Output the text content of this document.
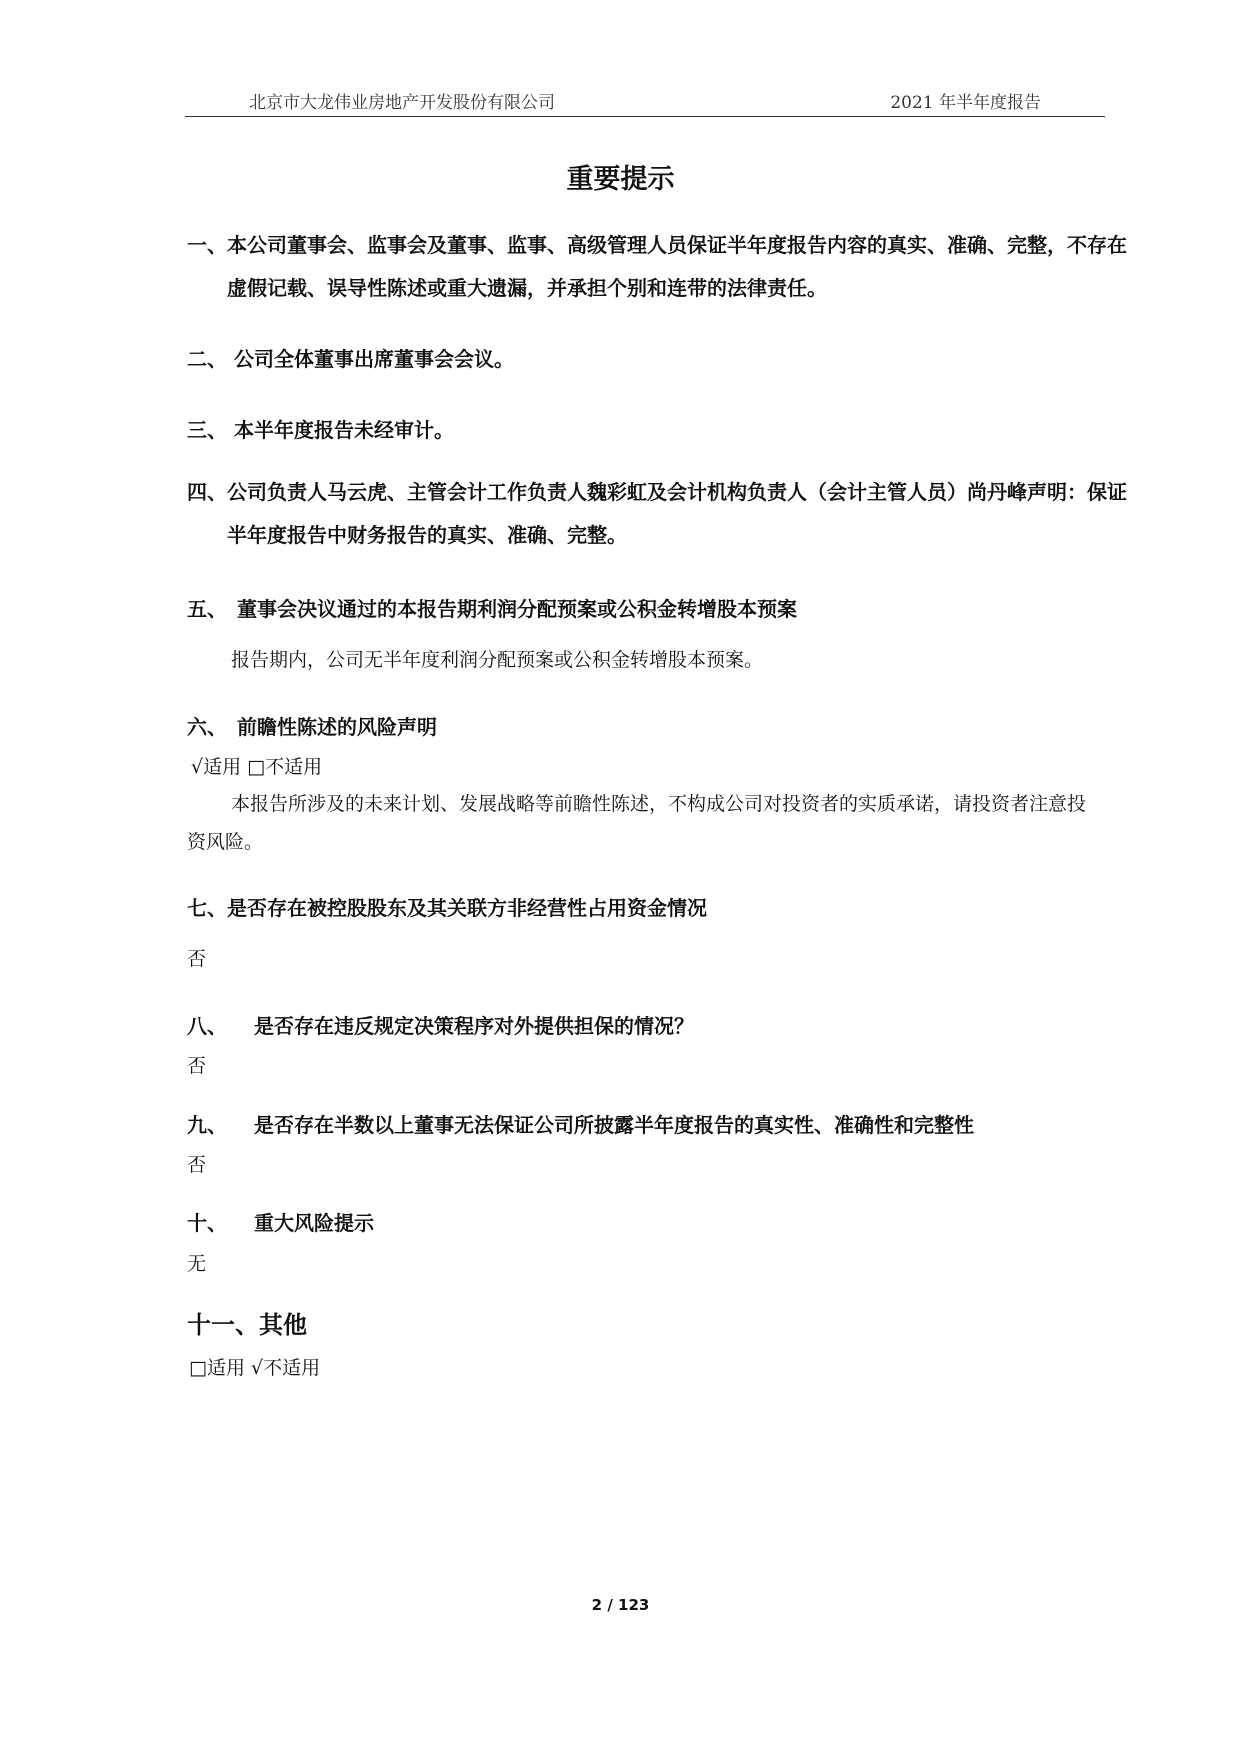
北京市大龙伟业房地产开发股份有限公司	2021 年半年度报告
重要提示
一、本公司董事会、监事会及董事、监事、高级管理人员保证半年度报告内容的真实、准确、完整，不存在虚假记载、误导性陈述或重大遗漏，并承担个别和连带的法律责任。
二、 公司全体董事出席董事会会议。
三、 本半年度报告未经审计。
四、公司负责人马云虎、主管会计工作负责人魏彩虹及会计机构负责人（会计主管人员）尚丹峰声明：保证半年度报告中财务报告的真实、准确、完整。
五、 董事会决议通过的本报告期利润分配预案或公积金转增股本预案
报告期内，公司无半年度利润分配预案或公积金转增股本预案。
六、 前瞻性陈述的风险声明
√适用 □不适用
本报告所涉及的未来计划、发展战略等前瞻性陈述，不构成公司对投资者的实质承诺，请投资者注意投资风险。
七、是否存在被控股股东及其关联方非经营性占用资金情况
否
八、 是否存在违反规定决策程序对外提供担保的情况？
否
九、 是否存在半数以上董事无法保证公司所披露半年度报告的真实性、准确性和完整性
否
十、 重大风险提示
无
十一、其他
□适用 √不适用
2 / 123
